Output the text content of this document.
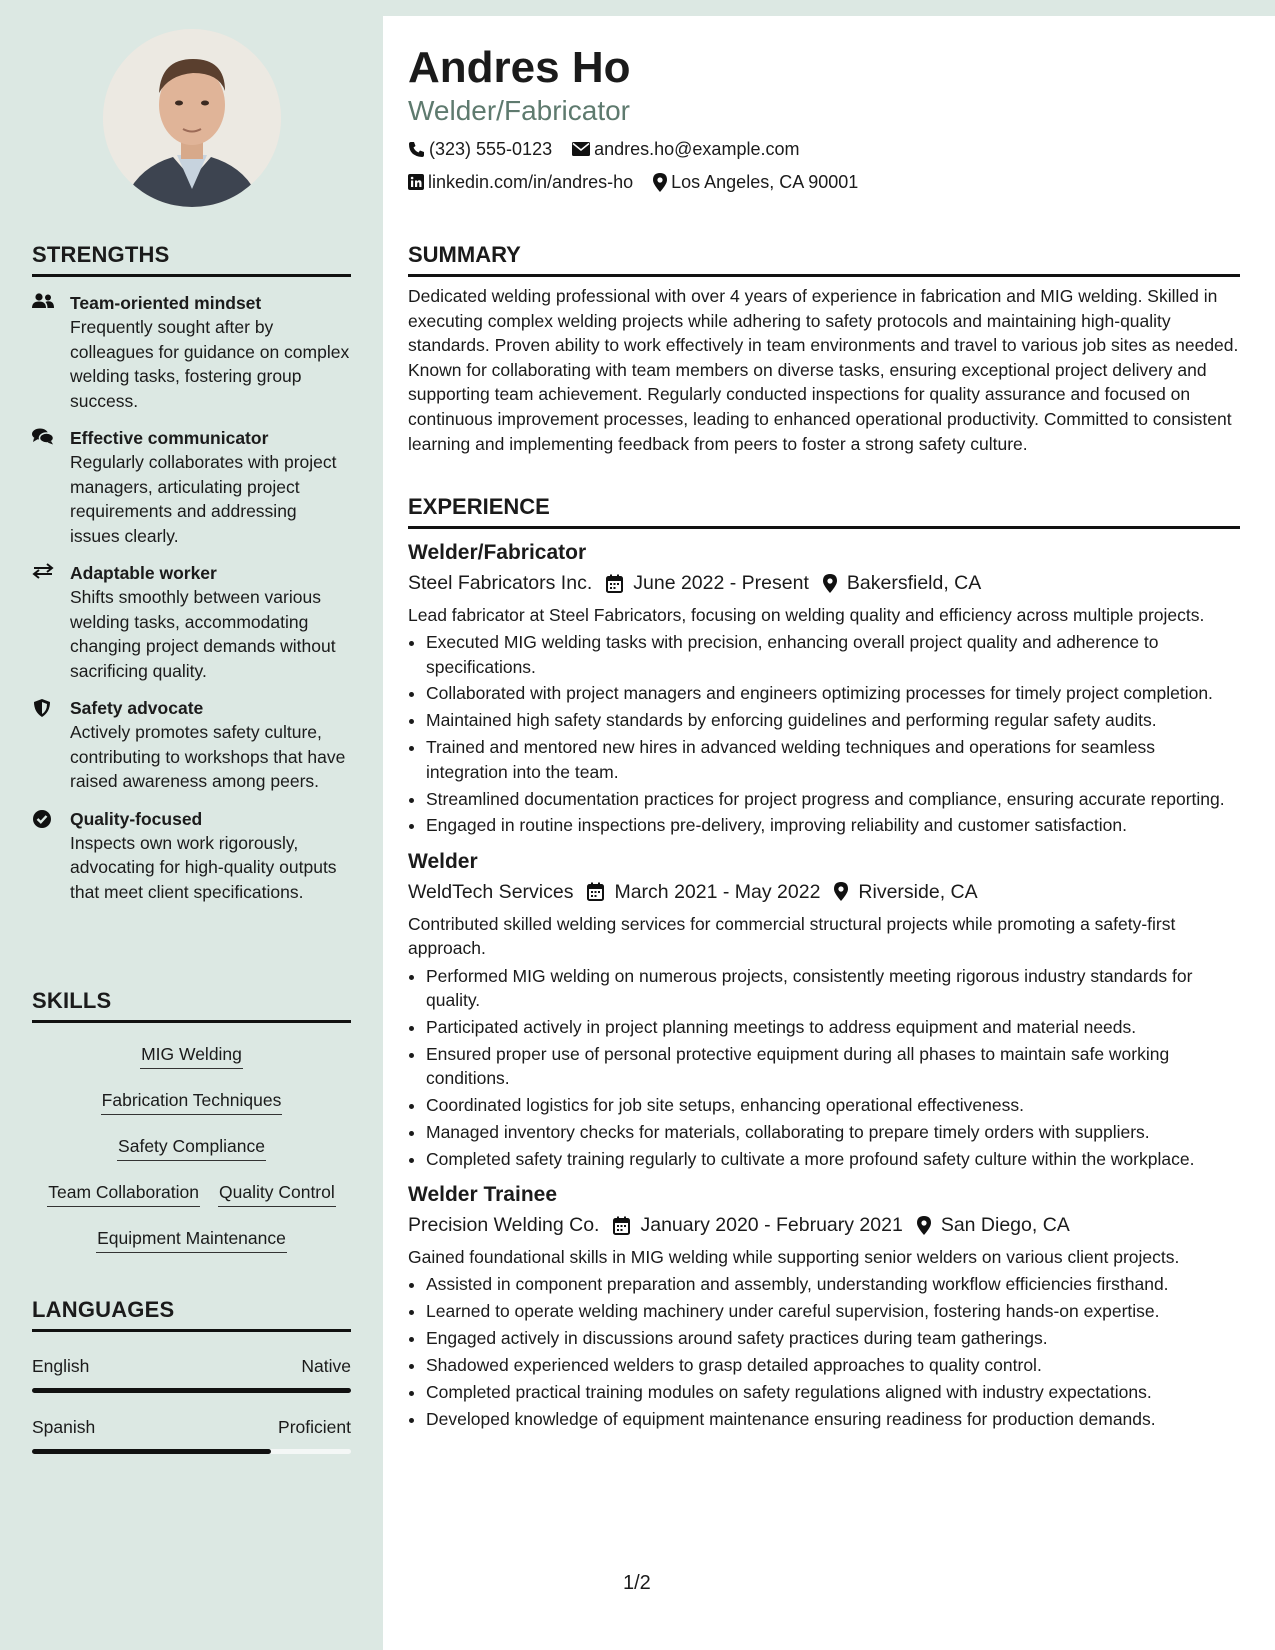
STRENGTHS
Team-oriented mindset
Frequently sought after by colleagues for guidance on complex welding tasks, fostering group success.
Effective communicator
Regularly collaborates with project managers, articulating project requirements and addressing issues clearly.
Adaptable worker
Shifts smoothly between various welding tasks, accommodating changing project demands without sacrificing quality.
Safety advocate
Actively promotes safety culture, contributing to workshops that have raised awareness among peers.
Quality-focused
Inspects own work rigorously, advocating for high-quality outputs that meet client specifications.
SKILLS
MIG Welding
Fabrication Techniques
Safety Compliance
Team Collaboration Quality Control
Equipment Maintenance
LANGUAGES
English	Native
Spanish	Proficient
Andres Ho
Welder/Fabricator
(323) 555-0123 andres.ho@example.com
linkedin.com/in/andres-ho Los Angeles, CA 90001
SUMMARY

Dedicated welding professional with over 4 years of experience in fabrication and MIG welding. Skilled in executing complex welding projects while adhering to safety protocols and maintaining high-quality standards. Proven ability to work effectively in team environments and travel to various job sites as needed. Known for collaborating with team members on diverse tasks, ensuring exceptional project delivery and supporting team achievement. Regularly conducted inspections for quality assurance and focused on continuous improvement processes, leading to enhanced operational productivity. Committed to consistent learning and implementing feedback from peers to foster a strong safety culture.

EXPERIENCE
Welder/Fabricator
Steel Fabricators Inc. June 2022 - Present Bakersfield, CA
Lead fabricator at Steel Fabricators, focusing on welding quality and efficiency across multiple projects.
• Executed MIG welding tasks with precision, enhancing overall project quality and adherence to specifications.
• Collaborated with project managers and engineers optimizing processes for timely project completion.
• Maintained high safety standards by enforcing guidelines and performing regular safety audits.
• Trained and mentored new hires in advanced welding techniques and operations for seamless integration into the team.
• Streamlined documentation practices for project progress and compliance, ensuring accurate reporting.
• Engaged in routine inspections pre-delivery, improving reliability and customer satisfaction.
Welder
WeldTech Services March 2021 - May 2022 Riverside, CA
Contributed skilled welding services for commercial structural projects while promoting a safety-first approach.
• Performed MIG welding on numerous projects, consistently meeting rigorous industry standards for quality.
• Participated actively in project planning meetings to address equipment and material needs.
• Ensured proper use of personal protective equipment during all phases to maintain safe working conditions.
• Coordinated logistics for job site setups, enhancing operational effectiveness.
• Managed inventory checks for materials, collaborating to prepare timely orders with suppliers.
• Completed safety training regularly to cultivate a more profound safety culture within the workplace.
Welder Trainee
Precision Welding Co. January 2020 - February 2021 San Diego, CA
Gained foundational skills in MIG welding while supporting senior welders on various client projects.
• Assisted in component preparation and assembly, understanding workflow efficiencies firsthand.
• Learned to operate welding machinery under careful supervision, fostering hands-on expertise.
• Engaged actively in discussions around safety practices during team gatherings.
• Shadowed experienced welders to grasp detailed approaches to quality control.
• Completed practical training modules on safety regulations aligned with industry expectations.
• Developed knowledge of equipment maintenance ensuring readiness for production demands.
1/2
